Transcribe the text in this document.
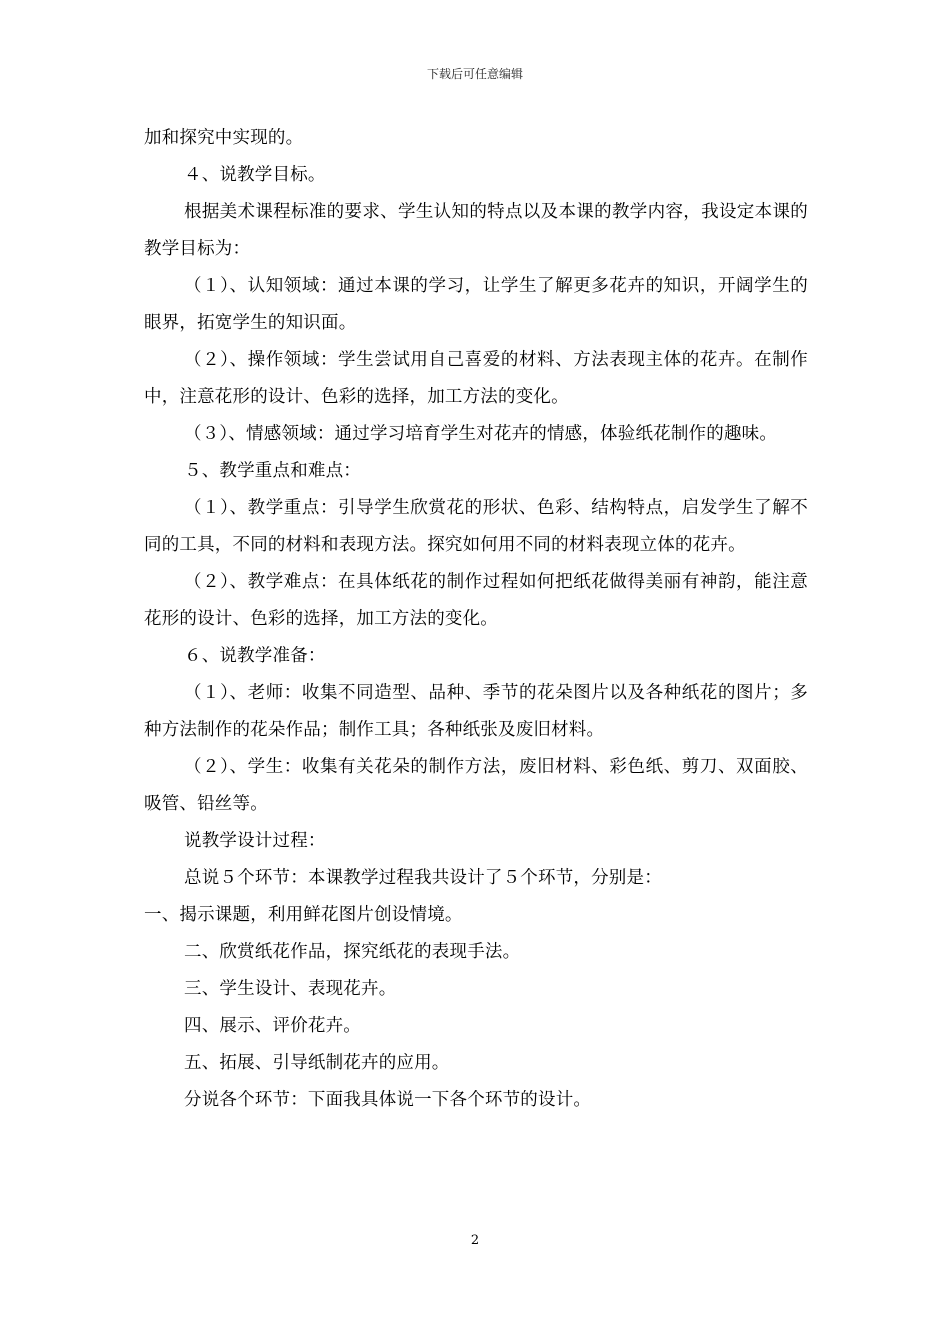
下载后可任意编辑

加和探究中实现的。

４、说教学目标。

根据美术课程标准的要求、学生认知的特点以及本课的教学内容，我设定本课的教学目标为：

（１）、认知领域：通过本课的学习，让学生了解更多花卉的知识，开阔学生的眼界，拓宽学生的知识面。

（２）、操作领域：学生尝试用自己喜爱的材料、方法表现主体的花卉。在制作中，注意花形的设计、色彩的选择，加工方法的变化。

（３）、情感领域：通过学习培育学生对花卉的情感，体验纸花制作的趣味。

５、教学重点和难点：

（１）、教学重点：引导学生欣赏花的形状、色彩、结构特点，启发学生了解不同的工具，不同的材料和表现方法。探究如何用不同的材料表现立体的花卉。

（２）、教学难点：在具体纸花的制作过程如何把纸花做得美丽有神韵，能注意花形的设计、色彩的选择，加工方法的变化。

６、说教学准备：

（１）、老师：收集不同造型、品种、季节的花朵图片以及各种纸花的图片；多种方法制作的花朵作品；制作工具；各种纸张及废旧材料。

（２）、学生：收集有关花朵的制作方法，废旧材料、彩色纸、剪刀、双面胶、吸管、铅丝等。

说教学设计过程：

总说５个环节：本课教学过程我共设计了５个环节，分别是：

一、揭示课题，利用鲜花图片创设情境。

二、欣赏纸花作品，探究纸花的表现手法。

三、学生设计、表现花卉。

四、展示、评价花卉。

五、拓展、引导纸制花卉的应用。

分说各个环节：下面我具体说一下各个环节的设计。

2
